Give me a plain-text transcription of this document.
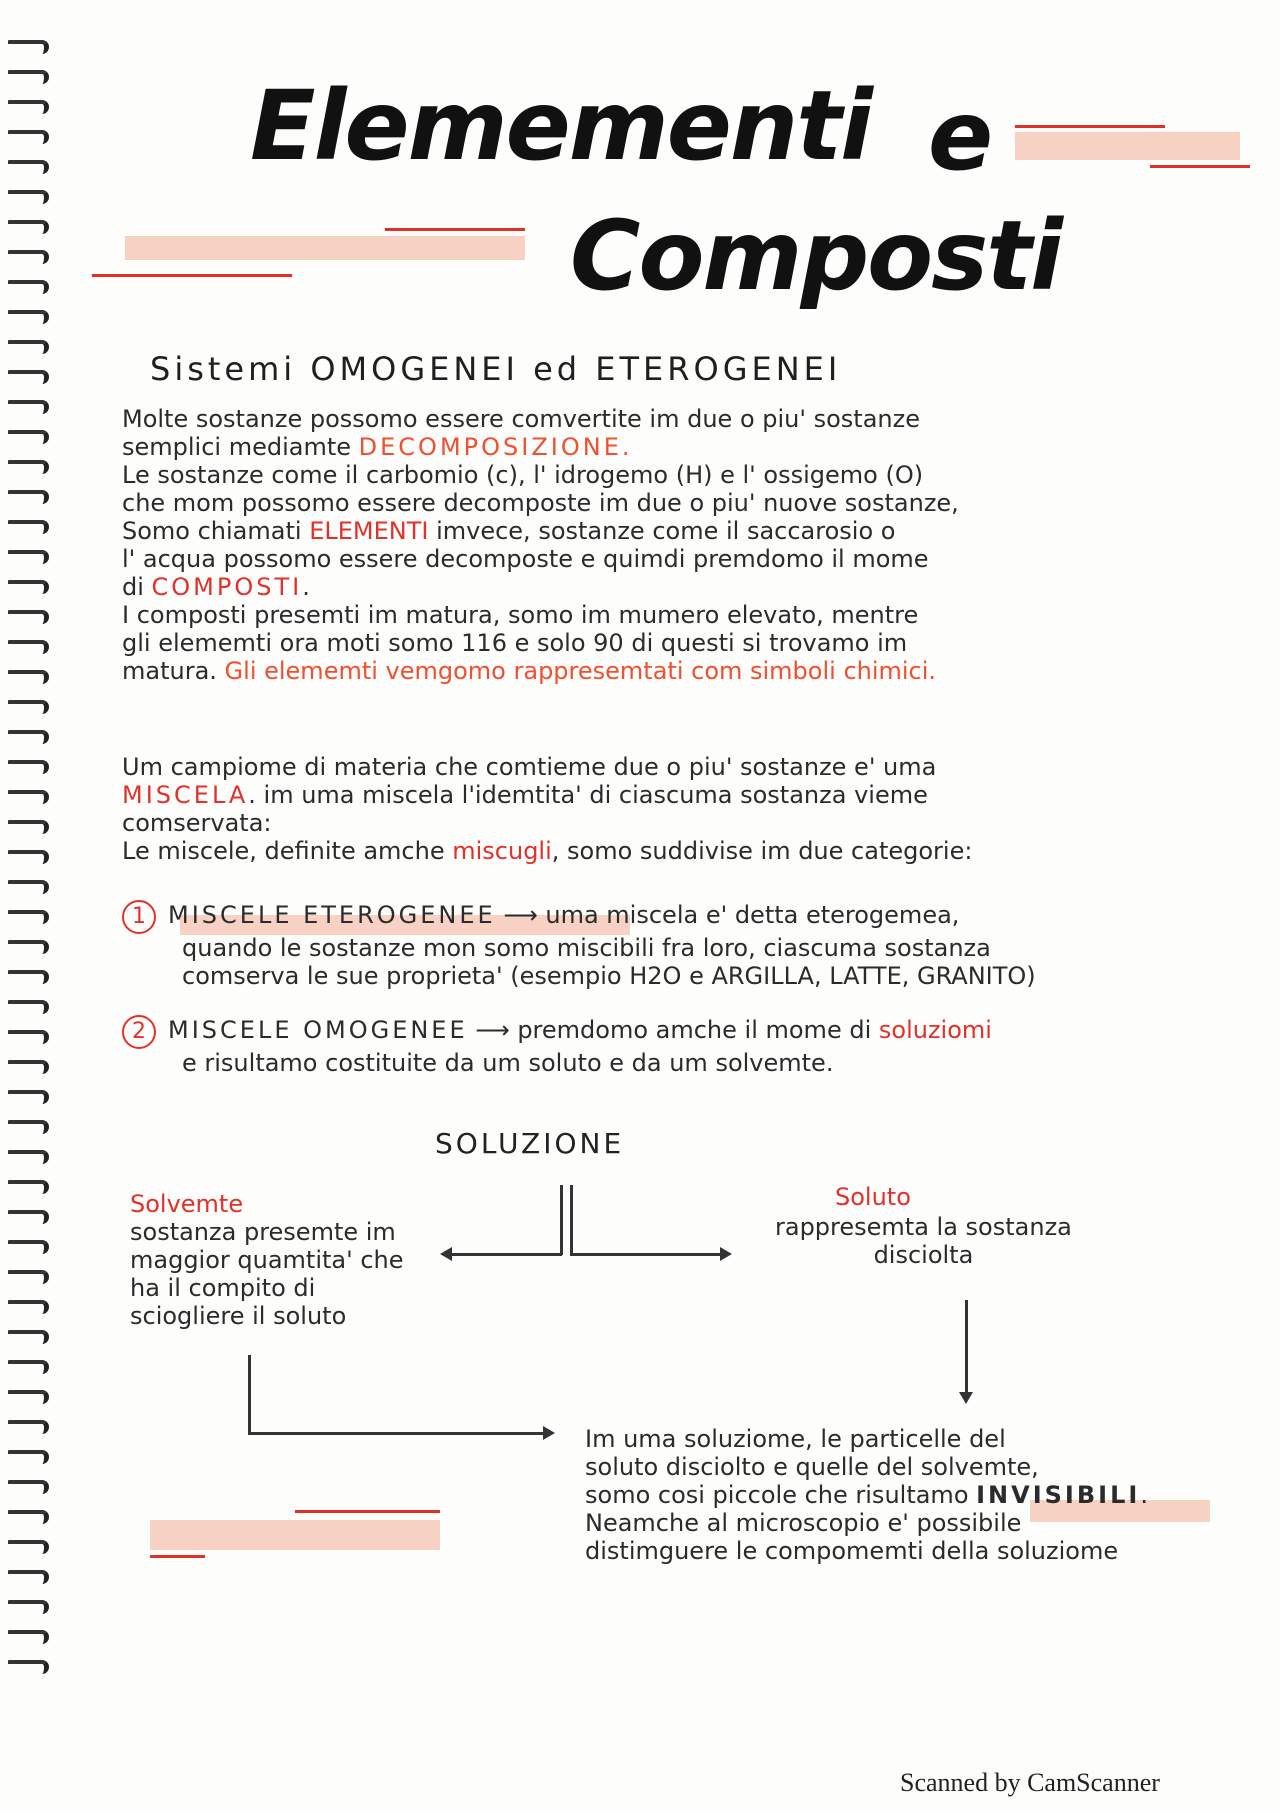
Elemementi e
Composti
Sistemi OMOGENEI ed ETEROGENEI
Molte sostanze possomo essere comvertite im due o piu' sostanze
semplici mediamte DECOMPOSIZIONE.
Le sostanze come il carbomio (c), l' idrogemo (H) e l' ossigemo (O)
che mom possomo essere decomposte im due o piu' nuove sostanze,
Somo chiamati ELEMENTI imvece, sostanze come il saccarosio o
l' acqua possomo essere decomposte e quimdi premdomo il mome
di COMPOSTI.
I composti presemti im matura, somo im mumero elevato, mentre
gli elememti ora moti somo 116 e solo 90 di questi si trovamo im
matura. Gli elememti vemgomo rappresemtati com simboli chimici.
Um campiome di materia che comtieme due o piu' sostanze e' uma
MISCELA. im uma miscela l'idemtita' di ciascuma sostanza vieme
comservata:
Le miscele, definite amche miscugli, somo suddivise im due categorie:
1 MISCELE ETEROGENEE ⟶ uma miscela e' detta eterogemea,
quando le sostanze mon somo miscibili fra loro, ciascuma sostanza
comserva le sue proprieta' (esempio H2O e ARGILLA, LATTE, GRANITO)
2 MISCELE OMOGENEE ⟶ premdomo amche il mome di soluziomi
e risultamo costituite da um soluto e da um solvemte.
SOLUZIONE
Solvemte
sostanza presemte im
maggior quamtita' che
ha il compito di
sciogliere il soluto
Soluto
rappresemta la sostanza
disciolta
Im uma soluziome, le particelle del
soluto disciolto e quelle del solvemte,
somo cosi piccole che risultamo INVISIBILI.
Neamche al microscopio e' possibile
distimguere le compomemti della soluziome
Scanned by CamScanner
